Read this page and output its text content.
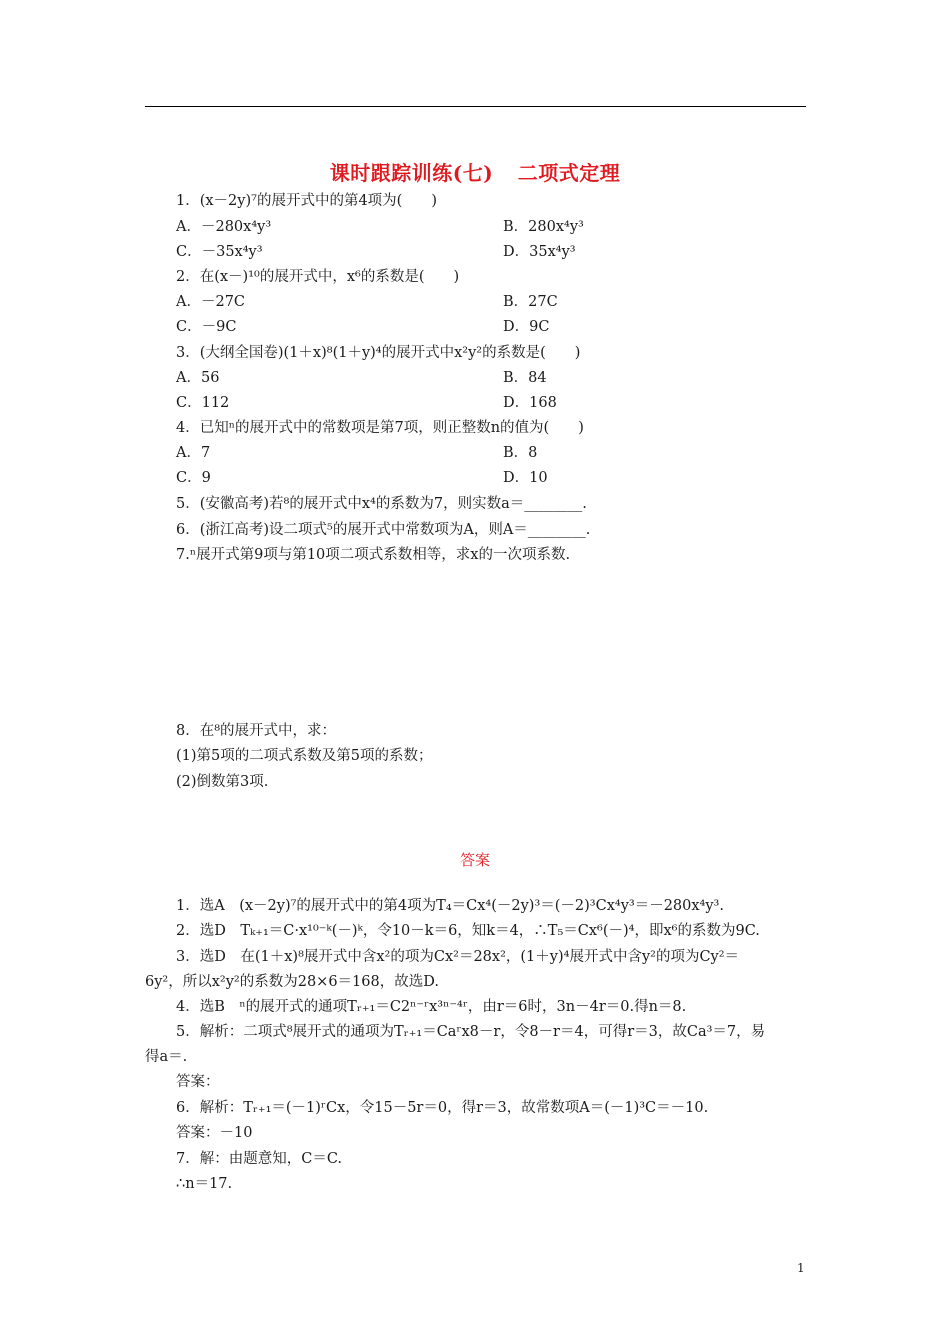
课时跟踪训练(七)　 二项式定理
1．(x－2y)⁷的展开式中的第4项为(　　)
A．－280x⁴y³	B．280x⁴y³
C．－35x⁴y³	D．35x⁴y³
2．在(x－)¹⁰的展开式中，x⁶的系数是(　　)
A．－27C	B．27C
C．－9C	D．9C
3．(大纲全国卷)(1＋x)⁸(1＋y)⁴的展开式中x²y²的系数是(　　)
A．56	B．84
C．112	D．168
4．已知ⁿ的展开式中的常数项是第7项，则正整数n的值为(　　)
A．7	B．8
C．9	D．10
5．(安徽高考)若⁸的展开式中x⁴的系数为7，则实数a＝________.
6．(浙江高考)设二项式⁵的展开式中常数项为A，则A＝________.
7.ⁿ展开式第9项与第10项二项式系数相等，求x的一次项系数.
8．在⁸的展开式中，求：
(1)第5项的二项式系数及第5项的系数；
(2)倒数第3项.
答案
1．选A　(x－2y)⁷的展开式中的第4项为T₄＝Cx⁴(－2y)³＝(－2)³Cx⁴y³＝－280x⁴y³.
2．选D　Tₖ₊₁＝C·x¹⁰⁻ᵏ(－)ᵏ，令10－k＝6，知k＝4，∴T₅＝Cx⁶(－)⁴，即x⁶的系数为9C.
3．选D　在(1＋x)⁸展开式中含x²的项为Cx²＝28x²，(1＋y)⁴展开式中含y²的项为Cy²＝
6y²，所以x²y²的系数为28×6＝168，故选D.
4．选B　ⁿ的展开式的通项Tᵣ₊₁＝C2ⁿ⁻ʳx³ⁿ⁻⁴ʳ，由r＝6时，3n－4r＝0.得n＝8.
5．解析：二项式⁸展开式的通项为Tᵣ₊₁＝Caʳx8－r，令8－r＝4，可得r＝3，故Ca³＝7，易
得a＝.
答案：
6．解析：Tᵣ₊₁＝(－1)ʳCx，令15－5r＝0，得r＝3，故常数项A＝(－1)³C＝－10.
答案：－10
7．解：由题意知，C＝C.
∴n＝17.
1
